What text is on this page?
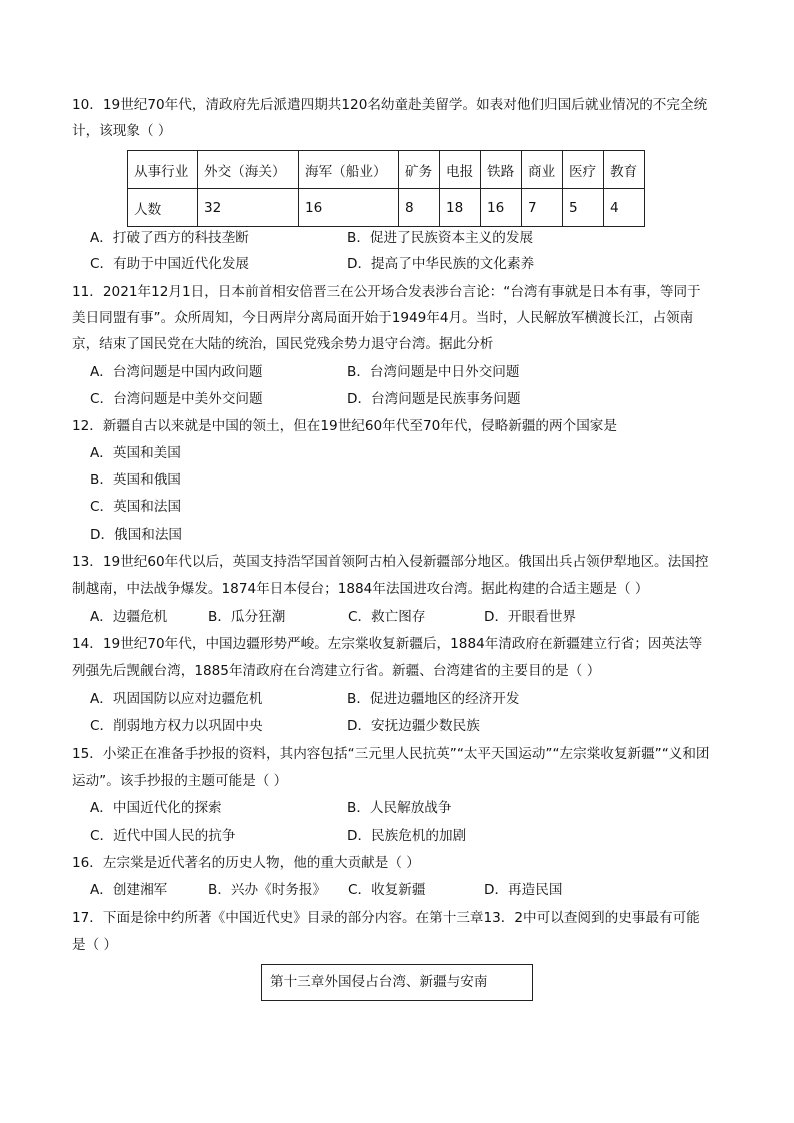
10．19世纪70年代，清政府先后派遣四期共120名幼童赴美留学。如表对他们归国后就业情况的不完全统
计，该现象（ ）
从事行业	外交（海关）	海军（船业）	矿务	电报	铁路	商业	医疗	教育
人数	32	16	8	18	16	7	5	4
A．打破了西方的科技垄断	B．促进了民族资本主义的发展
C．有助于中国近代化发展	D．提高了中华民族的文化素养
11．2021年12月1日，日本前首相安倍晋三在公开场合发表涉台言论：“台湾有事就是日本有事，等同于
美日同盟有事”。众所周知，今日两岸分离局面开始于1949年4月。当时，人民解放军横渡长江，占领南
京，结束了国民党在大陆的统治，国民党残余势力退守台湾。据此分析
A．台湾问题是中国内政问题	B．台湾问题是中日外交问题
C．台湾问题是中美外交问题	D．台湾问题是民族事务问题
12．新疆自古以来就是中国的领土，但在19世纪60年代至70年代，侵略新疆的两个国家是
A．英国和美国
B．英国和俄国
C．英国和法国
D．俄国和法国
13．19世纪60年代以后，英国支持浩罕国首领阿古柏入侵新疆部分地区。俄国出兵占领伊犁地区。法国控
制越南，中法战争爆发。1874年日本侵台；1884年法国进攻台湾。据此构建的合适主题是（ ）
A．边疆危机	B．瓜分狂潮	C．救亡图存	D．开眼看世界
14．19世纪70年代，中国边疆形势严峻。左宗棠收复新疆后，1884年清政府在新疆建立行省；因英法等
列强先后觊觎台湾，1885年清政府在台湾建立行省。新疆、台湾建省的主要目的是（ ）
A．巩固国防以应对边疆危机	B．促进边疆地区的经济开发
C．削弱地方权力以巩固中央	D．安抚边疆少数民族
15．小梁正在准备手抄报的资料，其内容包括“三元里人民抗英”“太平天国运动”“左宗棠收复新疆”“义和团
运动”。该手抄报的主题可能是（ ）
A．中国近代化的探索	B．人民解放战争
C．近代中国人民的抗争	D．民族危机的加剧
16．左宗棠是近代著名的历史人物，他的重大贡献是（ ）
A．创建湘军	B．兴办《时务报》	C．收复新疆	D．再造民国
17．下面是徐中约所著《中国近代史》目录的部分内容。在第十三章13．2中可以查阅到的史事最有可能
是（ ）
第十三章外国侵占台湾、新疆与安南
